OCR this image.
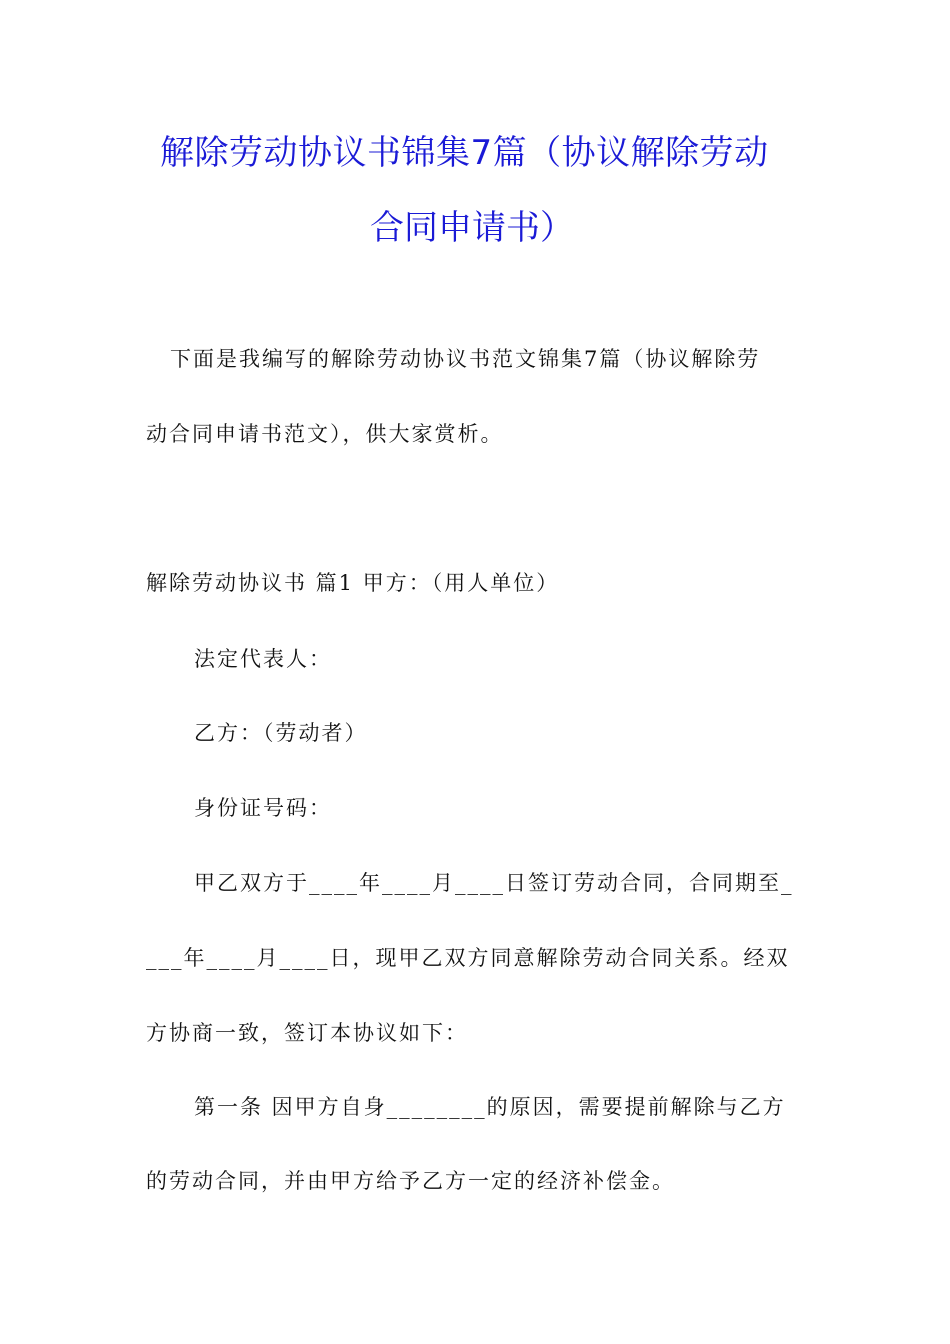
解除劳动协议书锦集7篇（协议解除劳动
合同申请书）
下面是我编写的解除劳动协议书范文锦集7篇（协议解除劳
动合同申请书范文），供大家赏析。
解除劳动协议书 篇1 甲方：（用人单位）
法定代表人：
乙方：（劳动者）
身份证号码：
甲乙双方于____年____月____日签订劳动合同，合同期至_
___年____月____日，现甲乙双方同意解除劳动合同关系。经双
方协商一致，签订本协议如下：
第一条 因甲方自身________的原因，需要提前解除与乙方
的劳动合同，并由甲方给予乙方一定的经济补偿金。
